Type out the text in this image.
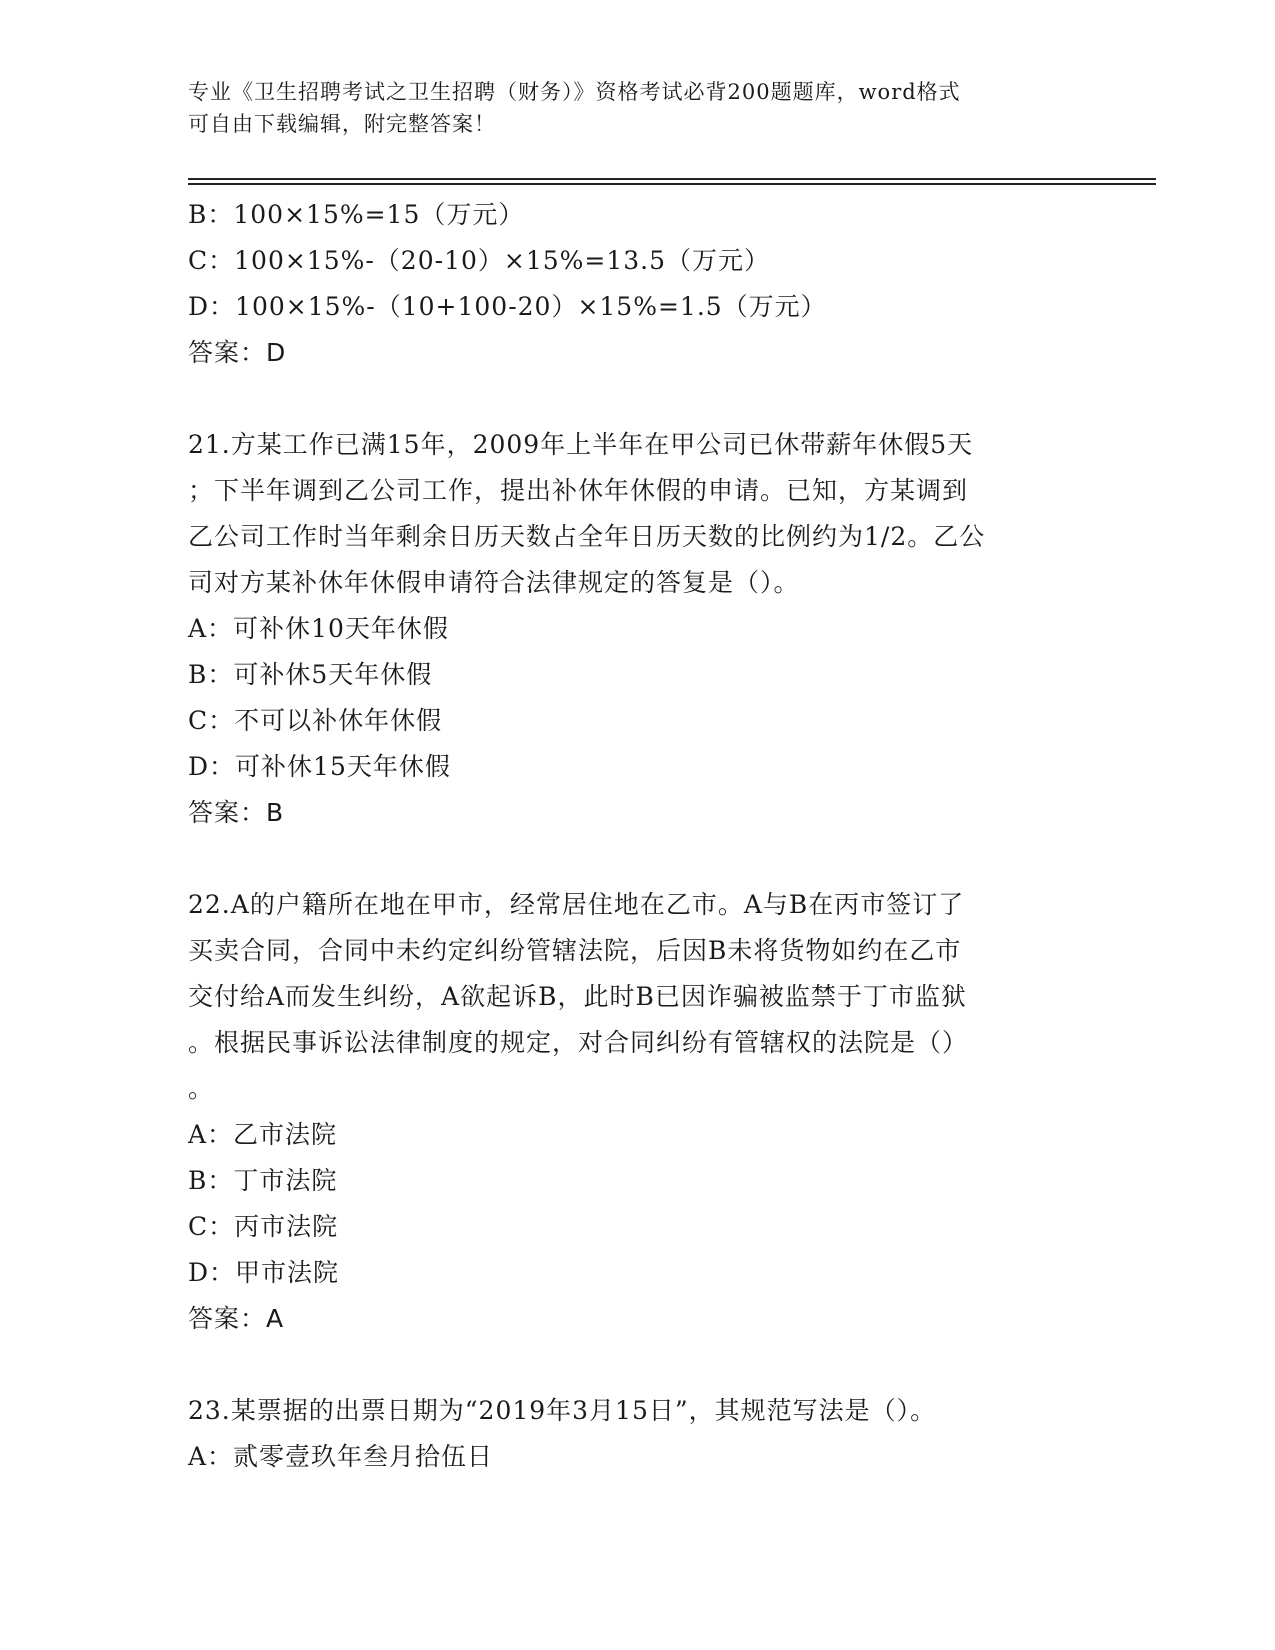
专业《卫生招聘考试之卫生招聘（财务）》资格考试必背200题题库，word格式
可自由下载编辑，附完整答案！
B：100×15%=15（万元）
C：100×15%-（20-10）×15%=13.5（万元）
D：100×15%-（10+100-20）×15%=1.5（万元）
答案：D
21.方某工作已满15年，2009年上半年在甲公司已休带薪年休假5天
；下半年调到乙公司工作，提出补休年休假的申请。已知，方某调到
乙公司工作时当年剩余日历天数占全年日历天数的比例约为1/2。乙公
司对方某补休年休假申请符合法律规定的答复是（）。
A：可补休10天年休假
B：可补休5天年休假
C：不可以补休年休假
D：可补休15天年休假
答案：B
22.A的户籍所在地在甲市，经常居住地在乙市。A与B在丙市签订了
买卖合同，合同中未约定纠纷管辖法院，后因B未将货物如约在乙市
交付给A而发生纠纷，A欲起诉B，此时B已因诈骗被监禁于丁市监狱
。根据民事诉讼法律制度的规定，对合同纠纷有管辖权的法院是（）
。
A：乙市法院
B：丁市法院
C：丙市法院
D：甲市法院
答案：A
23.某票据的出票日期为“2019年3月15日”，其规范写法是（）。
A：贰零壹玖年叁月拾伍日
